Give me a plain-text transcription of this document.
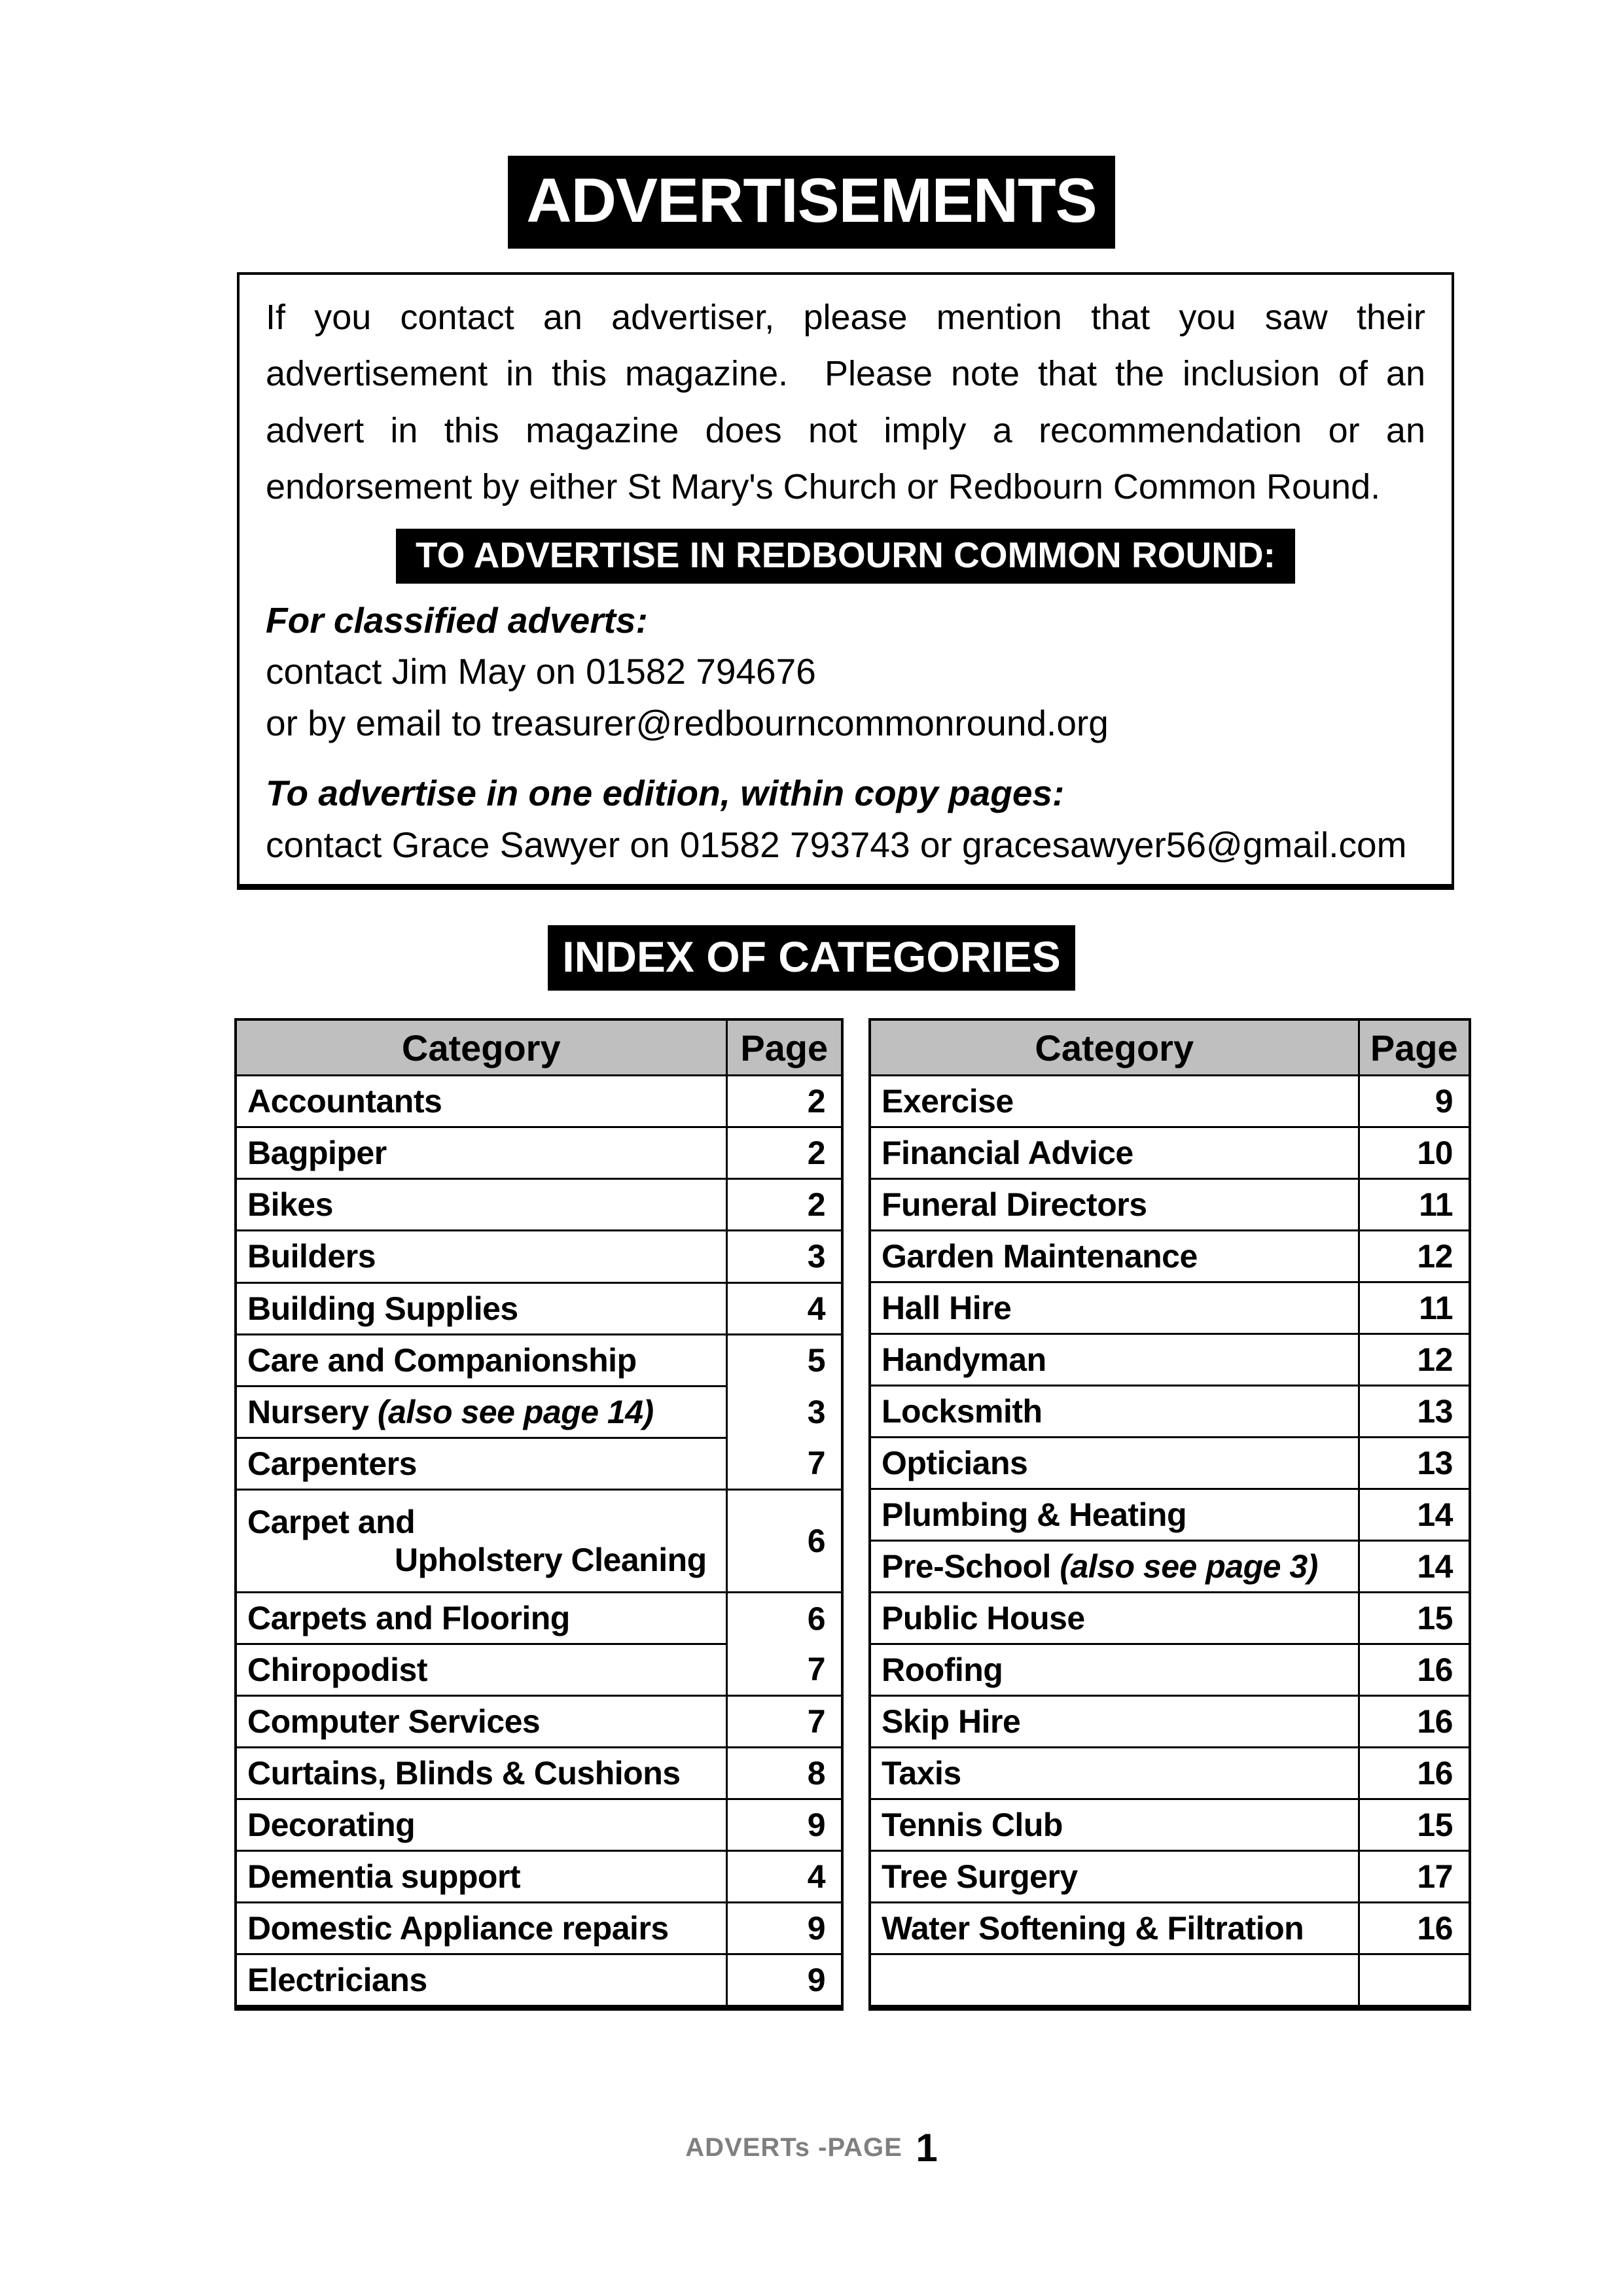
ADVERTISEMENTS
If you contact an advertiser, please mention that you saw their advertisement in this magazine.  Please note that the inclusion of an advert in this magazine does not imply a recommendation or an endorsement by either St Mary's Church or Redbourn Common Round.
TO ADVERTISE IN REDBOURN COMMON ROUND:
For classified adverts:
contact Jim May on 01582 794676
or by email to treasurer@redbourncommonround.org
To advertise in one edition, within copy pages:
contact Grace Sawyer on 01582 793743 or gracesawyer56@gmail.com
INDEX OF CATEGORIES
Category	Page
Accountants	2
Bagpiper	2
Bikes	2
Builders	3
Building Supplies	4
Care and Companionship	5
Nursery (also see page 14)	3
Carpenters	7
Carpet and
Upholstery Cleaning	6
Carpets and Flooring	6
Chiropodist	7
Computer Services	7
Curtains, Blinds & Cushions	8
Decorating	9
Dementia support	4
Domestic Appliance repairs	9
Electricians	9
Category	Page
Exercise	9
Financial Advice	10
Funeral Directors	11
Garden Maintenance	12
Hall Hire	11
Handyman	12
Locksmith	13
Opticians	13
Plumbing & Heating	14
Pre-School (also see page 3)	14
Public House	15
Roofing	16
Skip Hire	16
Taxis	16
Tennis Club	15
Tree Surgery	17
Water Softening & Filtration	16

ADVERTs -PAGE 1
